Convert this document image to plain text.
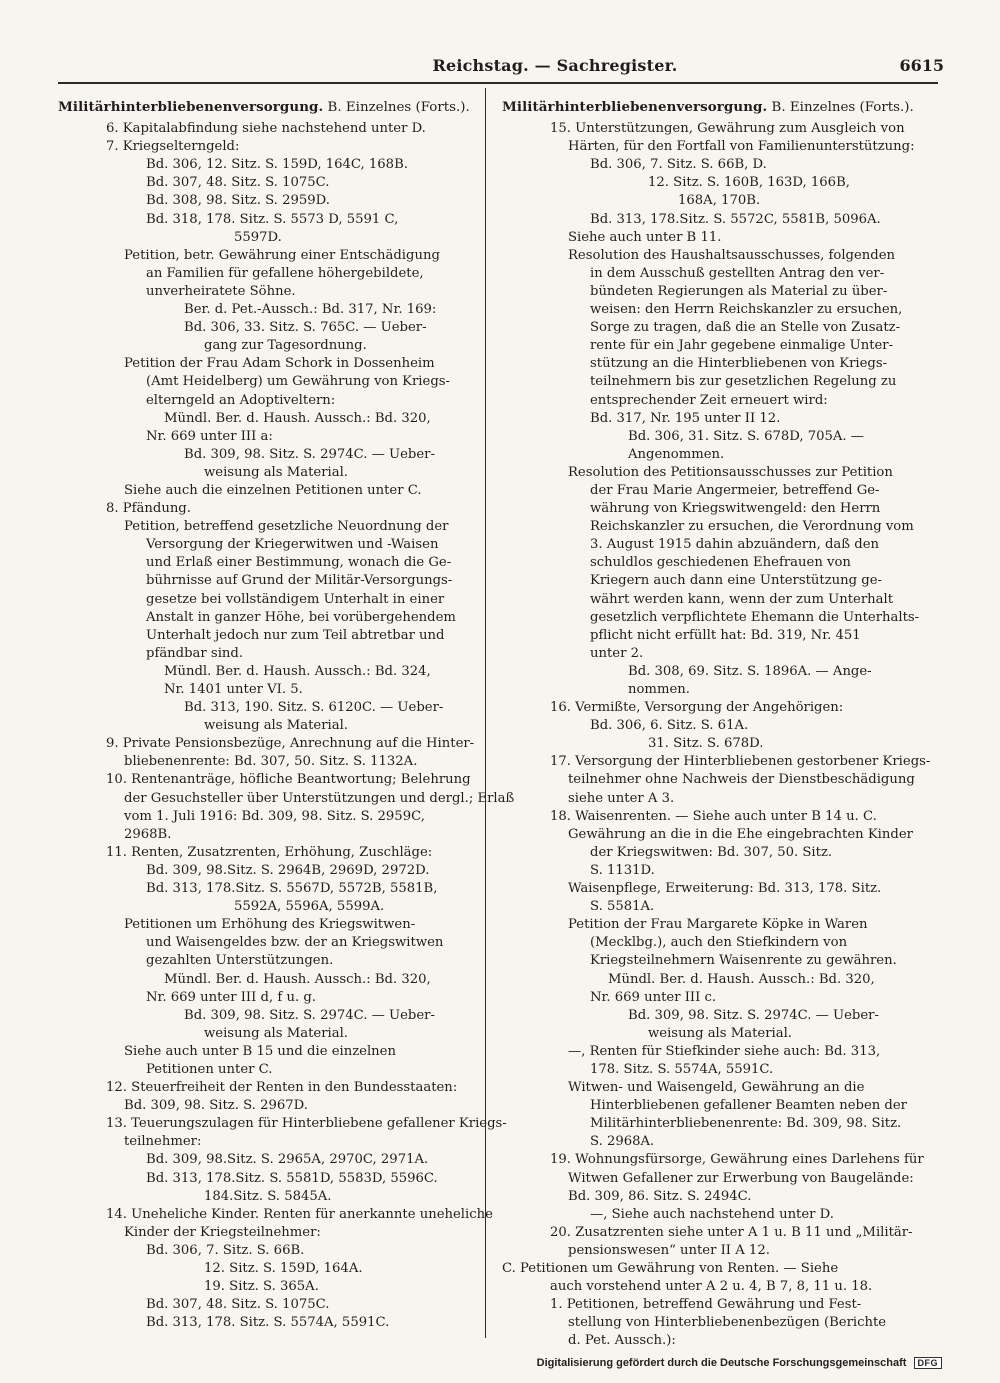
Reichstag. — Sachregister.	6615
Militärhinterbliebenenversorgung. B. Einzelnes (Forts.).
6. Kapitalabfindung siehe nachstehend unter D.
7. Kriegselterngeld:
Bd. 306, 12. Sitz. S. 159D, 164C, 168B.
Bd. 307, 48. Sitz. S. 1075C.
Bd. 308, 98. Sitz. S. 2959D.
Bd. 318, 178. Sitz. S. 5573 D, 5591 C,
5597D.
Petition, betr. Gewährung einer Entschädigung
an Familien für gefallene höhergebildete,
unverheiratete Söhne.
Ber. d. Pet.-Aussch.: Bd. 317, Nr. 169:
Bd. 306, 33. Sitz. S. 765C. — Ueber-
gang zur Tagesordnung.
Petition der Frau Adam Schork in Dossenheim
(Amt Heidelberg) um Gewährung von Kriegs-
elterngeld an Adoptiveltern:
Mündl. Ber. d. Haush. Aussch.: Bd. 320,
Nr. 669 unter III a:
Bd. 309, 98. Sitz. S. 2974C. — Ueber-
weisung als Material.
Siehe auch die einzelnen Petitionen unter C.
8. Pfändung.
Petition, betreffend gesetzliche Neuordnung der
Versorgung der Kriegerwitwen und -Waisen
und Erlaß einer Bestimmung, wonach die Ge-
bührnisse auf Grund der Militär-Versorgungs-
gesetze bei vollständigem Unterhalt in einer
Anstalt in ganzer Höhe, bei vorübergehendem
Unterhalt jedoch nur zum Teil abtretbar und
pfändbar sind.
Mündl. Ber. d. Haush. Aussch.: Bd. 324,
Nr. 1401 unter VI. 5.
Bd. 313, 190. Sitz. S. 6120C. — Ueber-
weisung als Material.
9. Private Pensionsbezüge, Anrechnung auf die Hinter-
bliebenenrente: Bd. 307, 50. Sitz. S. 1132A.
10. Rentenanträge, höfliche Beantwortung; Belehrung
der Gesuchsteller über Unterstützungen und dergl.; Erlaß
vom 1. Juli 1916: Bd. 309, 98. Sitz. S. 2959C,
2968B.
11. Renten, Zusatzrenten, Erhöhung, Zuschläge:
Bd. 309, 98.Sitz. S. 2964B, 2969D, 2972D.
Bd. 313, 178.Sitz. S. 5567D, 5572B, 5581B,
5592A, 5596A, 5599A.
Petitionen um Erhöhung des Kriegswitwen-
und Waisengeldes bzw. der an Kriegswitwen
gezahlten Unterstützungen.
Mündl. Ber. d. Haush. Aussch.: Bd. 320,
Nr. 669 unter III d, f u. g.
Bd. 309, 98. Sitz. S. 2974C. — Ueber-
weisung als Material.
Siehe auch unter B 15 und die einzelnen
Petitionen unter C.
12. Steuerfreiheit der Renten in den Bundesstaaten:
Bd. 309, 98. Sitz. S. 2967D.
13. Teuerungszulagen für Hinterbliebene gefallener Kriegs-
teilnehmer:
Bd. 309, 98.Sitz. S. 2965A, 2970C, 2971A.
Bd. 313, 178.Sitz. S. 5581D, 5583D, 5596C.
184.Sitz. S. 5845A.
14. Uneheliche Kinder. Renten für anerkannte uneheliche
Kinder der Kriegsteilnehmer:
Bd. 306, 7. Sitz. S. 66B.
12. Sitz. S. 159D, 164A.
19. Sitz. S. 365A.
Bd. 307, 48. Sitz. S. 1075C.
Bd. 313, 178. Sitz. S. 5574A, 5591C.
Militärhinterbliebenenversorgung. B. Einzelnes (Forts.).
15. Unterstützungen, Gewährung zum Ausgleich von
Härten, für den Fortfall von Familienunterstützung:
Bd. 306, 7. Sitz. S. 66B, D.
12. Sitz. S. 160B, 163D, 166B,
168A, 170B.
Bd. 313, 178.Sitz. S. 5572C, 5581B, 5096A.
Siehe auch unter B 11.
Resolution des Haushaltsausschusses, folgenden
in dem Ausschuß gestellten Antrag den ver-
bündeten Regierungen als Material zu über-
weisen: den Herrn Reichskanzler zu ersuchen,
Sorge zu tragen, daß die an Stelle von Zusatz-
rente für ein Jahr gegebene einmalige Unter-
stützung an die Hinterbliebenen von Kriegs-
teilnehmern bis zur gesetzlichen Regelung zu
entsprechender Zeit erneuert wird:
Bd. 317, Nr. 195 unter II 12.
Bd. 306, 31. Sitz. S. 678D, 705A. —
Angenommen.
Resolution des Petitionsausschusses zur Petition
der Frau Marie Angermeier, betreffend Ge-
währung von Kriegswitwengeld: den Herrn
Reichskanzler zu ersuchen, die Verordnung vom
3. August 1915 dahin abzuändern, daß den
schuldlos geschiedenen Ehefrauen von
Kriegern auch dann eine Unterstützung ge-
währt werden kann, wenn der zum Unterhalt
gesetzlich verpflichtete Ehemann die Unterhalts-
pflicht nicht erfüllt hat: Bd. 319, Nr. 451
unter 2.
Bd. 308, 69. Sitz. S. 1896A. — Ange-
nommen.
16. Vermißte, Versorgung der Angehörigen:
Bd. 306, 6. Sitz. S. 61A.
31. Sitz. S. 678D.
17. Versorgung der Hinterbliebenen gestorbener Kriegs-
teilnehmer ohne Nachweis der Dienstbeschädigung
siehe unter A 3.
18. Waisenrenten. — Siehe auch unter B 14 u. C.
Gewährung an die in die Ehe eingebrachten Kinder
der Kriegswitwen: Bd. 307, 50. Sitz.
S. 1131D.
Waisenpflege, Erweiterung: Bd. 313, 178. Sitz.
S. 5581A.
Petition der Frau Margarete Köpke in Waren
(Mecklbg.), auch den Stiefkindern von
Kriegsteilnehmern Waisenrente zu gewähren.
Mündl. Ber. d. Haush. Aussch.: Bd. 320,
Nr. 669 unter III c.
Bd. 309, 98. Sitz. S. 2974C. — Ueber-
weisung als Material.
—, Renten für Stiefkinder siehe auch: Bd. 313,
178. Sitz. S. 5574A, 5591C.
Witwen- und Waisengeld, Gewährung an die
Hinterbliebenen gefallener Beamten neben der
Militärhinterbliebenenrente: Bd. 309, 98. Sitz.
S. 2968A.
19. Wohnungsfürsorge, Gewährung eines Darlehens für
Witwen Gefallener zur Erwerbung von Baugelände:
Bd. 309, 86. Sitz. S. 2494C.
—, Siehe auch nachstehend unter D.
20. Zusatzrenten siehe unter A 1 u. B 11 und „Militär-
pensionswesen“ unter II A 12.
C. Petitionen um Gewährung von Renten. — Siehe
auch vorstehend unter A 2 u. 4, B 7, 8, 11 u. 18.
1. Petitionen, betreffend Gewährung und Fest-
stellung von Hinterbliebenenbezügen (Berichte
d. Pet. Aussch.):
Digitalisierung gefördert durch die Deutsche Forschungsgemeinschaft DFG
